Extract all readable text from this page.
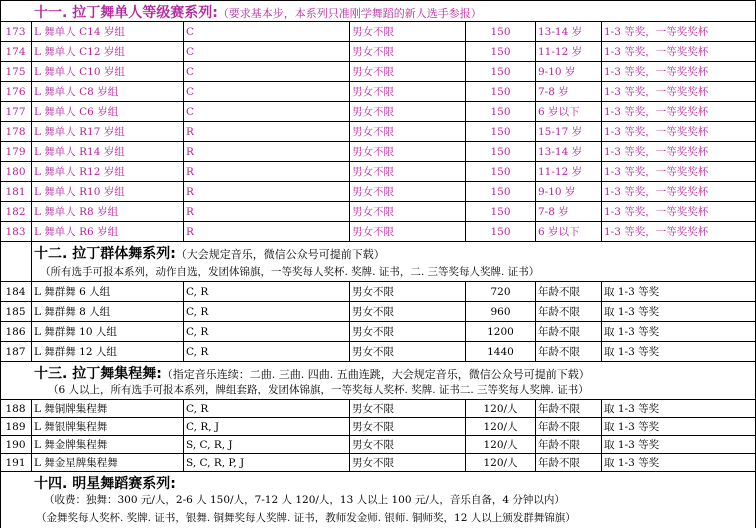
十一. 拉丁舞单人等级赛系列:（要求基本步，本系列只准刚学舞蹈的新人选手参报）
173 L 舞单人 C14 岁组	C	男女不限	150	13-14 岁	1-3 等奖，一等奖奖杯
174 L 舞单人 C12 岁组	C	男女不限	150	11-12 岁	1-3 等奖，一等奖奖杯
175 L 舞单人 C10 岁组	C	男女不限	150	9-10 岁	1-3 等奖，一等奖奖杯
176 L 舞单人 C8 岁组	C	男女不限	150	7-8 岁	1-3 等奖，一等奖奖杯
177 L 舞单人 C6 岁组	C	男女不限	150	6 岁以下	1-3 等奖，一等奖奖杯
178 L 舞单人 R17 岁组	R	男女不限	150	15-17 岁	1-3 等奖，一等奖奖杯
179 L 舞单人 R14 岁组	R	男女不限	150	13-14 岁	1-3 等奖，一等奖奖杯
180 L 舞单人 R12 岁组	R	男女不限	150	11-12 岁	1-3 等奖，一等奖奖杯
181 L 舞单人 R10 岁组	R	男女不限	150	9-10 岁	1-3 等奖，一等奖奖杯
182 L 舞单人 R8 岁组	R	男女不限	150	7-8 岁	1-3 等奖，一等奖奖杯
183 L 舞单人 R6 岁组	R	男女不限	150	6 岁以下	1-3 等奖，一等奖奖杯
十二. 拉丁群体舞系列:（大会规定音乐，微信公众号可提前下载）
（所有选手可报本系列，动作自选，发团体锦旗，一等奖每人奖杯. 奖牌. 证书，二. 三等奖每人奖牌. 证书）
184 L 舞群舞 6 人组	C, R	男女不限	720	年龄不限	取 1-3 等奖
185 L 舞群舞 8 人组	C, R	男女不限	960	年龄不限	取 1-3 等奖
186 L 舞群舞 10 人组	C, R	男女不限	1200	年龄不限	取 1-3 等奖
187 L 舞群舞 12 人组	C, R	男女不限	1440	年龄不限	取 1-3 等奖
十三. 拉丁舞集程舞:（指定音乐连续：二曲. 三曲. 四曲. 五曲连跳，大会规定音乐，微信公众号可提前下载）
（6 人以上，所有选手可报本系列，牌组套路，发团体锦旗，一等奖每人奖杯. 奖牌. 证书二. 三等奖每人奖牌. 证书）
188 L 舞铜牌集程舞	C, R	男女不限	120/人	年龄不限	取 1-3 等奖
189 L 舞银牌集程舞	C, R, J	男女不限	120/人	年龄不限	取 1-3 等奖
190 L 舞金牌集程舞	S, C, R, J	男女不限	120/人	年龄不限	取 1-3 等奖
191 L 舞金星牌集程舞	S, C, R, P, J	男女不限	120/人	年龄不限	取 1-3 等奖
十四. 明星舞蹈赛系列:
（收费：独舞：300 元/人，2-6 人 150/人，7-12 人 120/人，13 人以上 100 元/人，音乐自备，4 分钟以内）
（金舞奖每人奖杯. 奖牌. 证书，银舞. 铜舞奖每人奖牌. 证书，教师发金师. 银师. 铜师奖，12 人以上颁发群舞锦旗）
